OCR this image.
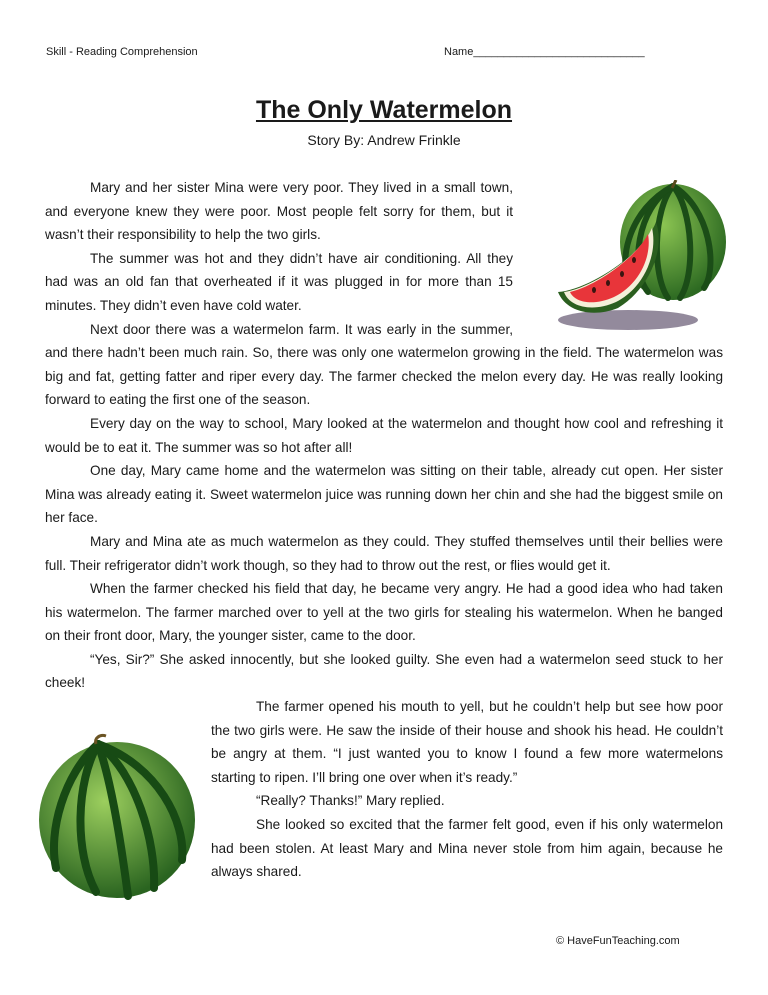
Skill - Reading Comprehension	Name____________________________
The Only Watermelon
Story By: Andrew Frinkle

Mary and her sister Mina were very poor. They lived in a small town, and everyone knew they were poor. Most people felt sorry for them, but it wasn’t their responsibility to help the two girls.

The summer was hot and they didn’t have air conditioning. All they had was an old fan that overheated if it was plugged in for more than 15 minutes. They didn’t even have cold water.

Next door there was a watermelon farm. It was early in the summer, and there hadn’t been much rain. So, there was only one watermelon growing in the field. The watermelon was big and fat, getting fatter and riper every day. The farmer checked the melon every day. He was really looking forward to eating the first one of the season.

Every day on the way to school, Mary looked at the watermelon and thought how cool and refreshing it would be to eat it. The summer was so hot after all!

One day, Mary came home and the watermelon was sitting on their table, already cut open. Her sister Mina was already eating it. Sweet watermelon juice was running down her chin and she had the biggest smile on her face.

Mary and Mina ate as much watermelon as they could. They stuffed themselves until their bellies were full. Their refrigerator didn’t work though, so they had to throw out the rest, or flies would get it.

When the farmer checked his field that day, he became very angry. He had a good idea who had taken his watermelon. The farmer marched over to yell at the two girls for stealing his watermelon. When he banged on their front door, Mary, the younger sister, came to the door.

“Yes, Sir?” She asked innocently, but she looked guilty. She even had a watermelon seed stuck to her cheek!

The farmer opened his mouth to yell, but he couldn’t help but see how poor the two girls were. He saw the inside of their house and shook his head. He couldn’t be angry at them. “I just wanted you to know I found a few more watermelons starting to ripen. I’ll bring one over when it’s ready.”

“Really? Thanks!” Mary replied.

She looked so excited that the farmer felt good, even if his only watermelon had been stolen. At least Mary and Mina never stole from him again, because he always shared.

© HaveFunTeaching.com
